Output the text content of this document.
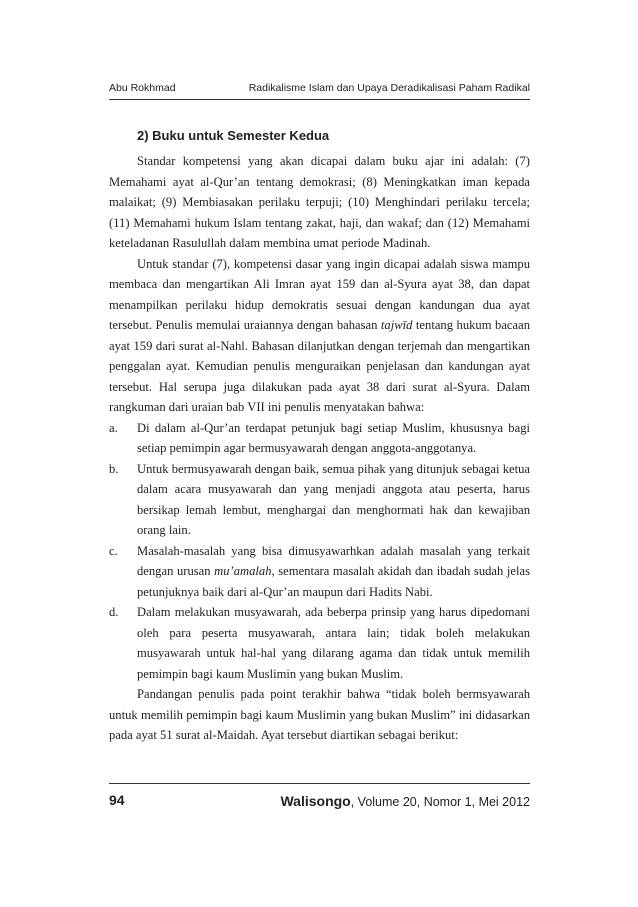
Abu Rokhmad	Radikalisme Islam dan Upaya Deradikalisasi Paham Radikal
2) Buku untuk Semester Kedua

Standar kompetensi yang akan dicapai dalam buku ajar ini adalah: (7) Memahami ayat al-Qur’an tentang demokrasi; (8) Meningkatkan iman kepada malaikat; (9) Membiasakan perilaku terpuji; (10) Menghindari perilaku tercela; (11) Memahami hukum Islam tentang zakat, haji, dan wakaf; dan (12) Memahami keteladanan Rasulullah dalam membina umat periode Madinah.

Untuk standar (7), kompetensi dasar yang ingin dicapai adalah siswa mampu membaca dan mengartikan Ali Imran ayat 159 dan al-Syura ayat 38, dan dapat menampilkan perilaku hidup demokratis sesuai dengan kandungan dua ayat tersebut. Penulis memulai uraiannya dengan bahasan tajwīd tentang hukum bacaan ayat 159 dari surat al-Nahl. Bahasan dilanjutkan dengan terjemah dan mengartikan penggalan ayat. Kemudian penulis menguraikan penjelasan dan kandungan ayat tersebut. Hal serupa juga dilakukan pada ayat 38 dari surat al-Syura. Dalam rangkuman dari uraian bab VII ini penulis menyatakan bahwa:

a. Di dalam al-Qur’an terdapat petunjuk bagi setiap Muslim, khususnya bagi setiap pemimpin agar bermusyawarah dengan anggota-anggotanya.
b. Untuk bermusyawarah dengan baik, semua pihak yang ditunjuk sebagai ketua dalam acara musyawarah dan yang menjadi anggota atau peserta, harus bersikap lemah lembut, menghargai dan menghormati hak dan kewajiban orang lain.
c. Masalah-masalah yang bisa dimusyawarhkan adalah masalah yang terkait dengan urusan mu’amalah, sementara masalah akidah dan ibadah sudah jelas petunjuknya baik dari al-Qur’an maupun dari Hadits Nabi.
d. Dalam melakukan musyawarah, ada beberpa prinsip yang harus dipedomani oleh para peserta musyawarah, antara lain; tidak boleh melakukan musyawarah untuk hal-hal yang dilarang agama dan tidak untuk memilih pemimpin bagi kaum Muslimin yang bukan Muslim.

Pandangan penulis pada point terakhir bahwa “tidak boleh bermsyawarah untuk memilih pemimpin bagi kaum Muslimin yang bukan Muslim” ini didasarkan pada ayat 51 surat al-Maidah. Ayat tersebut diartikan sebagai berikut:

94	Walisongo, Volume 20, Nomor 1, Mei 2012
